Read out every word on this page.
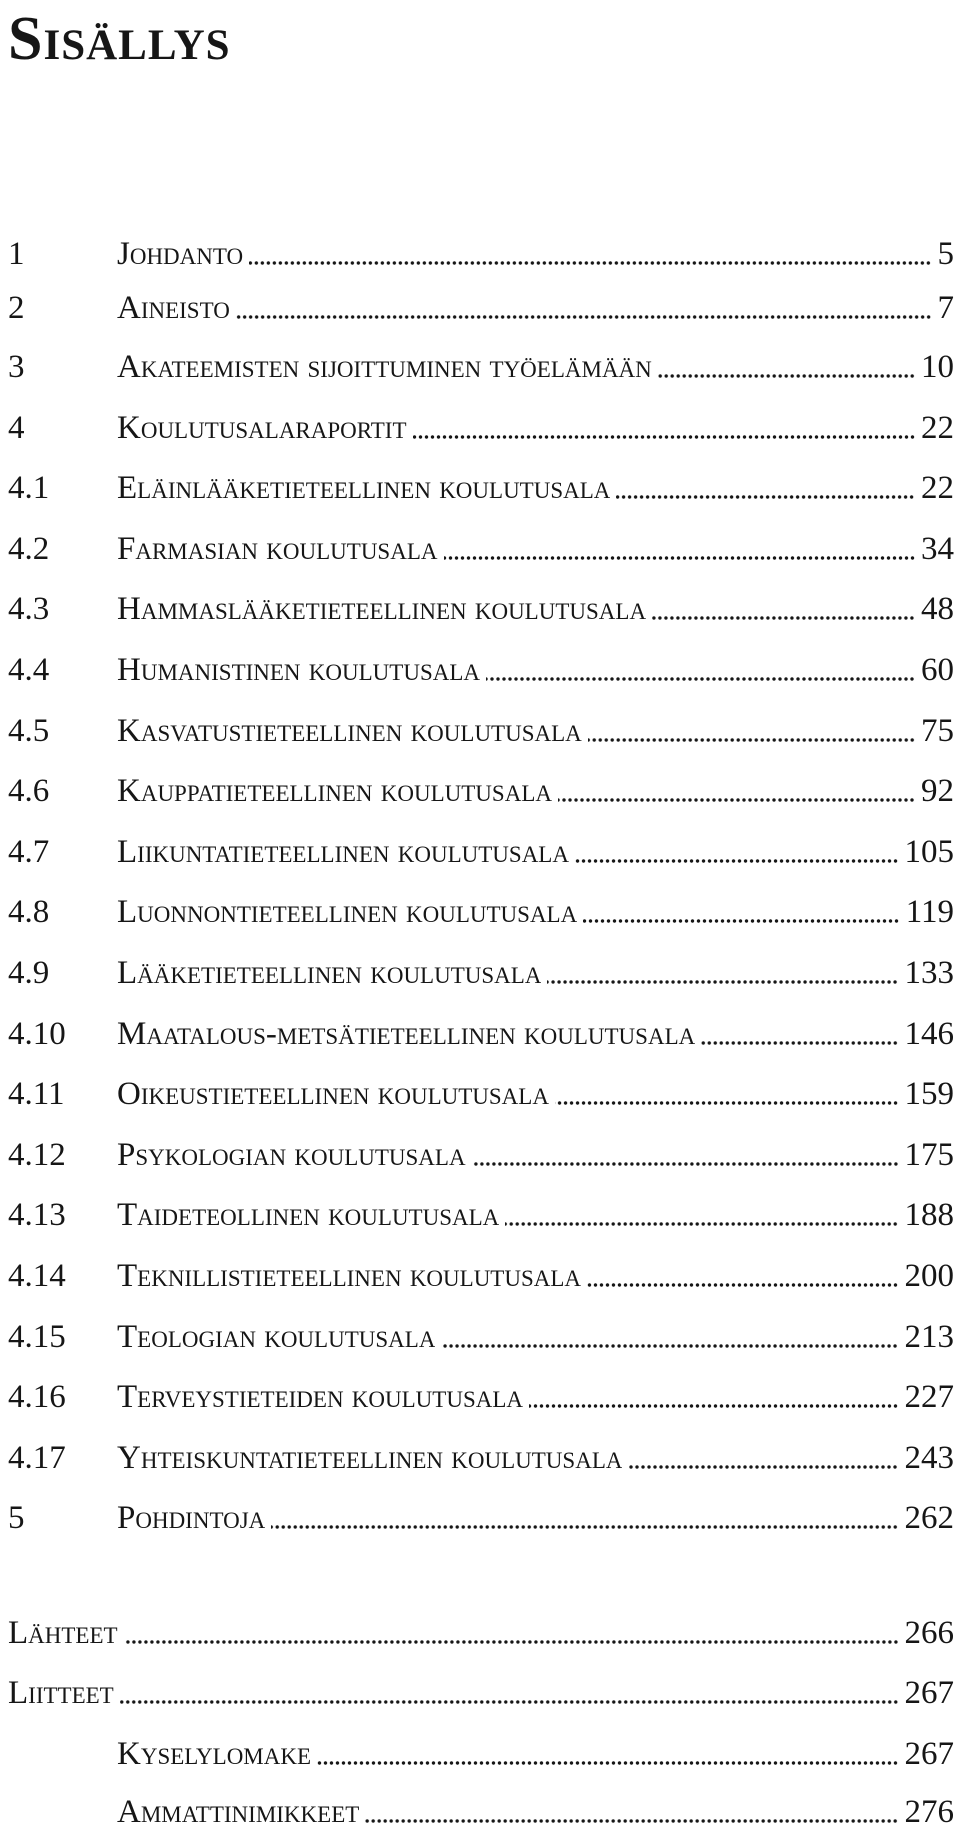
Sisällys
1	Johdanto	5
2	Aineisto	7
3	Akateemisten sijoittuminen työelämään	10
4	Koulutusalaraportit	22
4.1	Eläinlääketieteellinen koulutusala	22
4.2	Farmasian koulutusala	34
4.3	Hammaslääketieteellinen koulutusala	48
4.4	Humanistinen koulutusala	60
4.5	Kasvatustieteellinen koulutusala	75
4.6	Kauppatieteellinen koulutusala	92
4.7	Liikuntatieteellinen koulutusala	105
4.8	Luonnontieteellinen koulutusala	119
4.9	Lääketieteellinen koulutusala	133
4.10	Maatalous-metsätieteellinen koulutusala	146
4.11	Oikeustieteellinen koulutusala	159
4.12	Psykologian koulutusala	175
4.13	Taideteollinen koulutusala	188
4.14	Teknillistieteellinen koulutusala	200
4.15	Teologian koulutusala	213
4.16	Terveystieteiden koulutusala	227
4.17	Yhteiskuntatieteellinen koulutusala	243
5	Pohdintoja	262
Lähteet	266
Liitteet	267
Kyselylomake	267
Ammattinimikkeet	276
